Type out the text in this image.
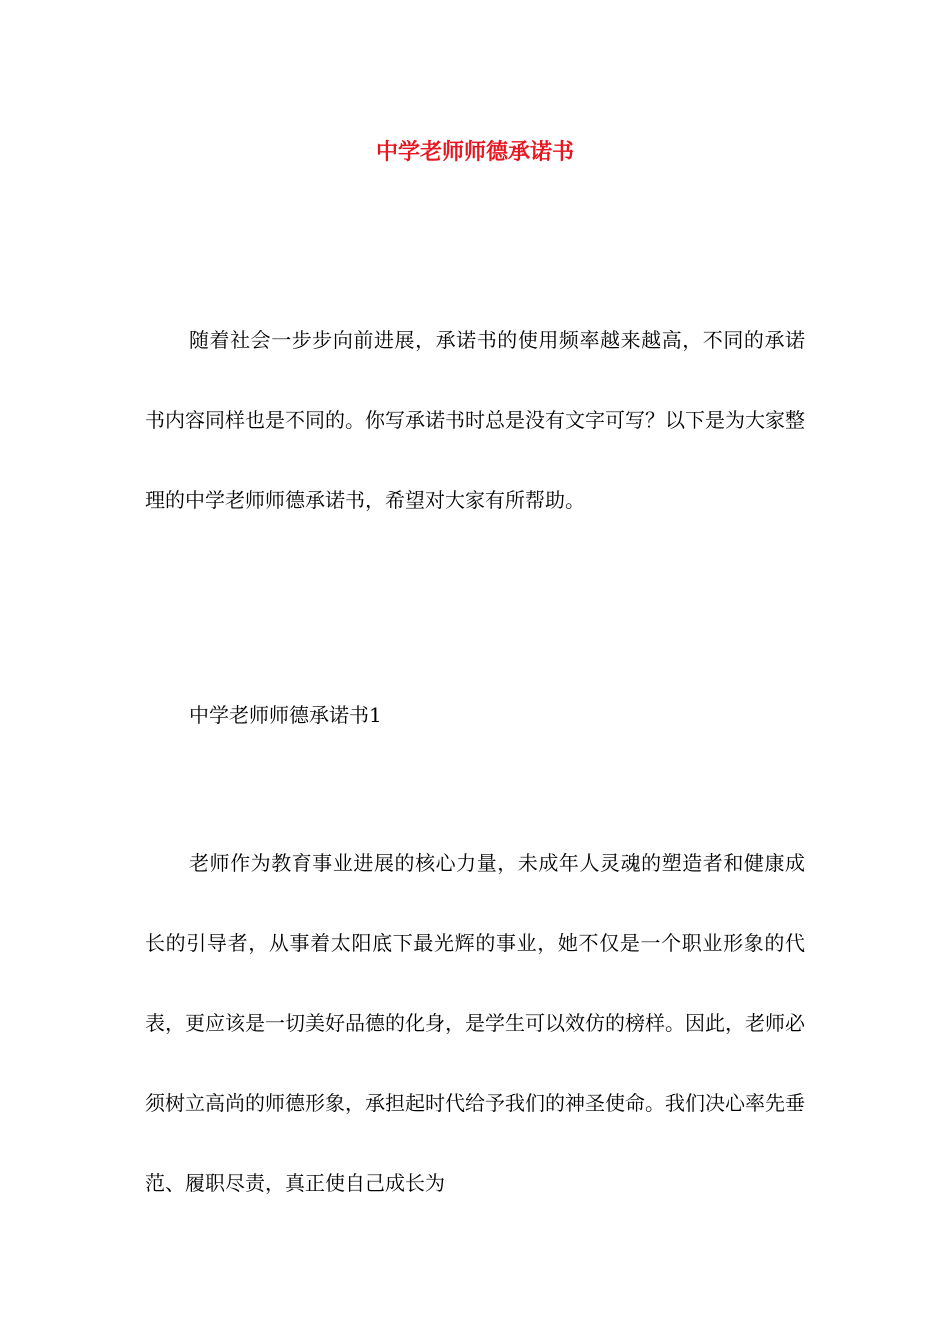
中学老师师德承诺书

随着社会一步步向前进展，承诺书的使用频率越来越高，不同的承诺书内容同样也是不同的。你写承诺书时总是没有文字可写？以下是为大家整理的中学老师师德承诺书，希望对大家有所帮助。

中学老师师德承诺书1

老师作为教育事业进展的核心力量，未成年人灵魂的塑造者和健康成长的引导者，从事着太阳底下最光辉的事业，她不仅是一个职业形象的代表，更应该是一切美好品德的化身，是学生可以效仿的榜样。因此，老师必须树立高尚的师德形象，承担起时代给予我们的神圣使命。我们决心率先垂范、履职尽责，真正使自己成长为
